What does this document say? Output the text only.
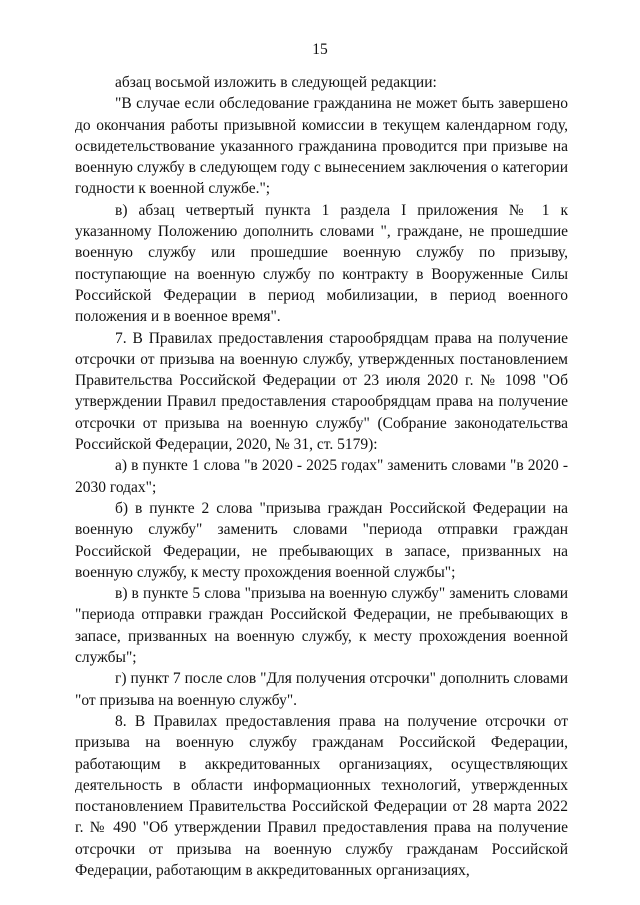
15

абзац восьмой изложить в следующей редакции:

"В случае если обследование гражданина не может быть завершено до окончания работы призывной комиссии в текущем календарном году, освидетельствование указанного гражданина проводится при призыве на военную службу в следующем году с вынесением заключения о категории годности к военной службе.";

в) абзац четвертый пункта 1 раздела I приложения № 1 к указанному Положению дополнить словами ", граждане, не прошедшие военную службу или прошедшие военную службу по призыву, поступающие на военную службу по контракту в Вооруженные Силы Российской Федерации в период мобилизации, в период военного положения и в военное время".

7. В Правилах предоставления старообрядцам права на получение отсрочки от призыва на военную службу, утвержденных постановлением Правительства Российской Федерации от 23 июля 2020 г. № 1098 "Об утверждении Правил предоставления старообрядцам права на получение отсрочки от призыва на военную службу" (Собрание законодательства Российской Федерации, 2020, № 31, ст. 5179):

а) в пункте 1 слова "в 2020 - 2025 годах" заменить словами "в 2020 - 2030 годах";

б) в пункте 2 слова "призыва граждан Российской Федерации на военную службу" заменить словами "периода отправки граждан Российской Федерации, не пребывающих в запасе, призванных на военную службу, к месту прохождения военной службы";

в) в пункте 5 слова "призыва на военную службу" заменить словами "периода отправки граждан Российской Федерации, не пребывающих в запасе, призванных на военную службу, к месту прохождения военной службы";

г) пункт 7 после слов "Для получения отсрочки" дополнить словами "от призыва на военную службу".

8. В Правилах предоставления права на получение отсрочки от призыва на военную службу гражданам Российской Федерации, работающим в аккредитованных организациях, осуществляющих деятельность в области информационных технологий, утвержденных постановлением Правительства Российской Федерации от 28 марта 2022 г. № 490 "Об утверждении Правил предоставления права на получение отсрочки от призыва на военную службу гражданам Российской Федерации, работающим в аккредитованных организациях,
